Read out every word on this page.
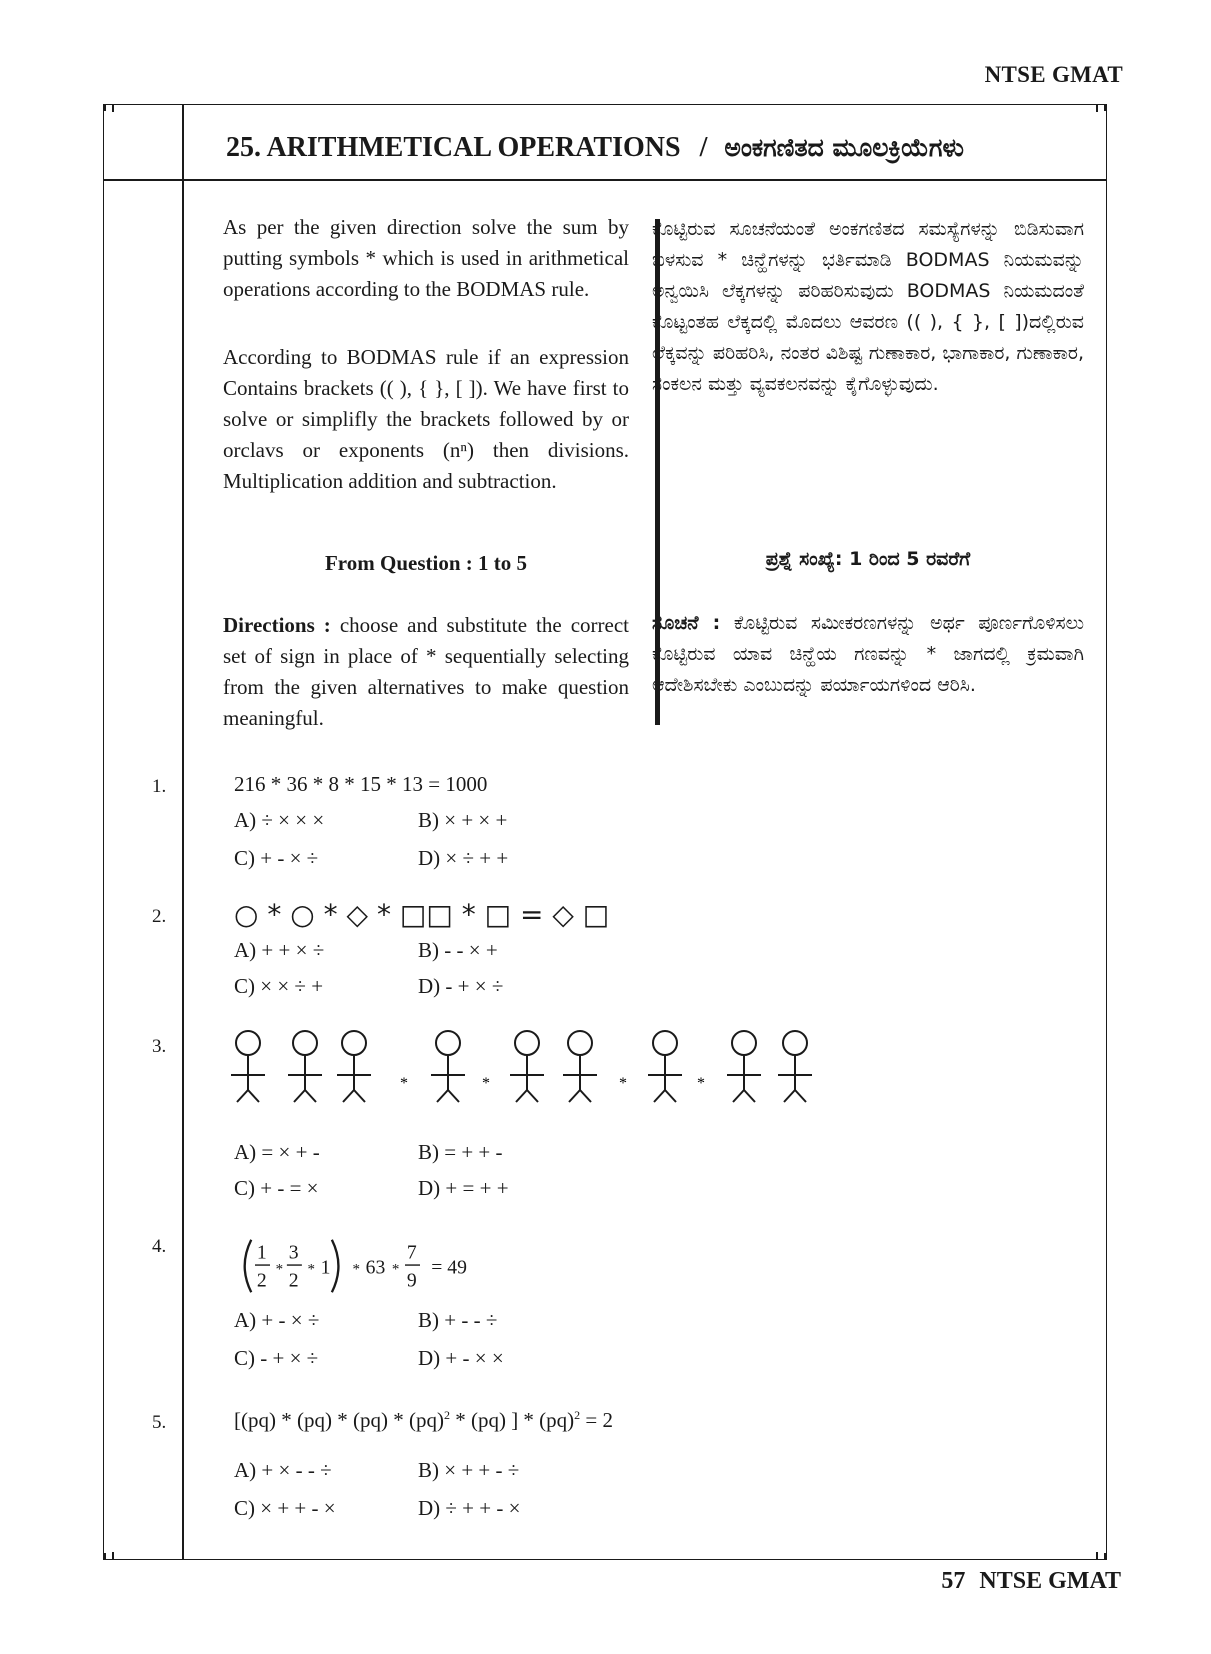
NTSE GMAT
25. ARITHMETICAL OPERATIONS / ಅಂಕಗಣಿತದ ಮೂಲಕ್ರಿಯೆಗಳು
As per the given direction solve the sum by putting symbols * which is used in arithmetical operations according to the BODMAS rule.
According to BODMAS rule if an expression Contains brackets (( ), { }, [ ]). We have first to solve or simplifly the brackets followed by or orclavs or exponents (nⁿ) then divisions. Multiplication addition and subtraction.
From Question : 1 to 5
Directions : choose and substitute the correct set of sign in place of * sequentially selecting from the given alternatives to make question meaningful.
ಕೊಟ್ಟಿರುವ ಸೂಚನೆಯಂತೆ ಅಂಕಗಣಿತದ ಸಮಸ್ಯೆಗಳನ್ನು ಬಿಡಿಸುವಾಗ ಬಳಸುವ * ಚಿನ್ಹೆಗಳನ್ನು ಭರ್ತಿಮಾಡಿ BODMAS ನಿಯಮವನ್ನು ಅನ್ವಯಿಸಿ ಲೆಕ್ಕಗಳನ್ನು ಪರಿಹರಿಸುವುದು BODMAS ನಿಯಮದಂತೆ ಕೊಟ್ಟಂತಹ ಲೆಕ್ಕದಲ್ಲಿ ಮೊದಲು ಆವರಣ (( ), { }, [ ])ದಲ್ಲಿರುವ ಲೆಕ್ಕವನ್ನು ಪರಿಹರಿಸಿ, ನಂತರ ವಿಶಿಷ್ಟ ಗುಣಾಕಾರ, ಭಾಗಾಕಾರ, ಗುಣಾಕಾರ, ಸಂಕಲನ ಮತ್ತು ವ್ಯವಕಲನವನ್ನು ಕೈಗೊಳ್ಳುವುದು.
ಪ್ರಶ್ನೆ ಸಂಖ್ಯೆ: 1 ರಿಂದ 5 ರವರೆಗೆ
ಸೂಚನೆ : ಕೊಟ್ಟಿರುವ ಸಮೀಕರಣಗಳನ್ನು ಅರ್ಥ ಪೂರ್ಣಗೊಳಿಸಲು ಕೊಟ್ಟಿರುವ ಯಾವ ಚಿನ್ಹೆಯ ಗಣವನ್ನು * ಜಾಗದಲ್ಲಿ ಕ್ರಮವಾಗಿ ಆದೇಶಿಸಬೇಕು ಎಂಬುದನ್ನು ಪರ್ಯಾಯಗಳಿಂದ ಆರಿಸಿ.
1.	216 * 36 * 8 * 15 * 13 = 1000
A) ÷ × × ×	B) × + × +
C) + - × ÷	D) × ÷ + +
2. ○ * ○ * ◇ * □□ * □ = ◇ □
A) + + × ÷	B) - - × +
C) × × ÷ +	D) - + × ÷
3.
*	*	*	*
A) = × + -	B) = + + -
C) + - = ×	D) + = + +
4.	1
2
*
3
2
* 1 * 63 *
7
9
= 49
A) + - × ÷	B) + - - ÷
C) - + × ÷	D) + - × ×
5.	[(pq) * (pq) * (pq) * (pq)$^2$ * (pq) ] * (pq)$^2$ = 2
A) + × - - ÷	B) × + + - ÷
C) × + + - ×	D) ÷ + + - ×
57 NTSE GMAT
